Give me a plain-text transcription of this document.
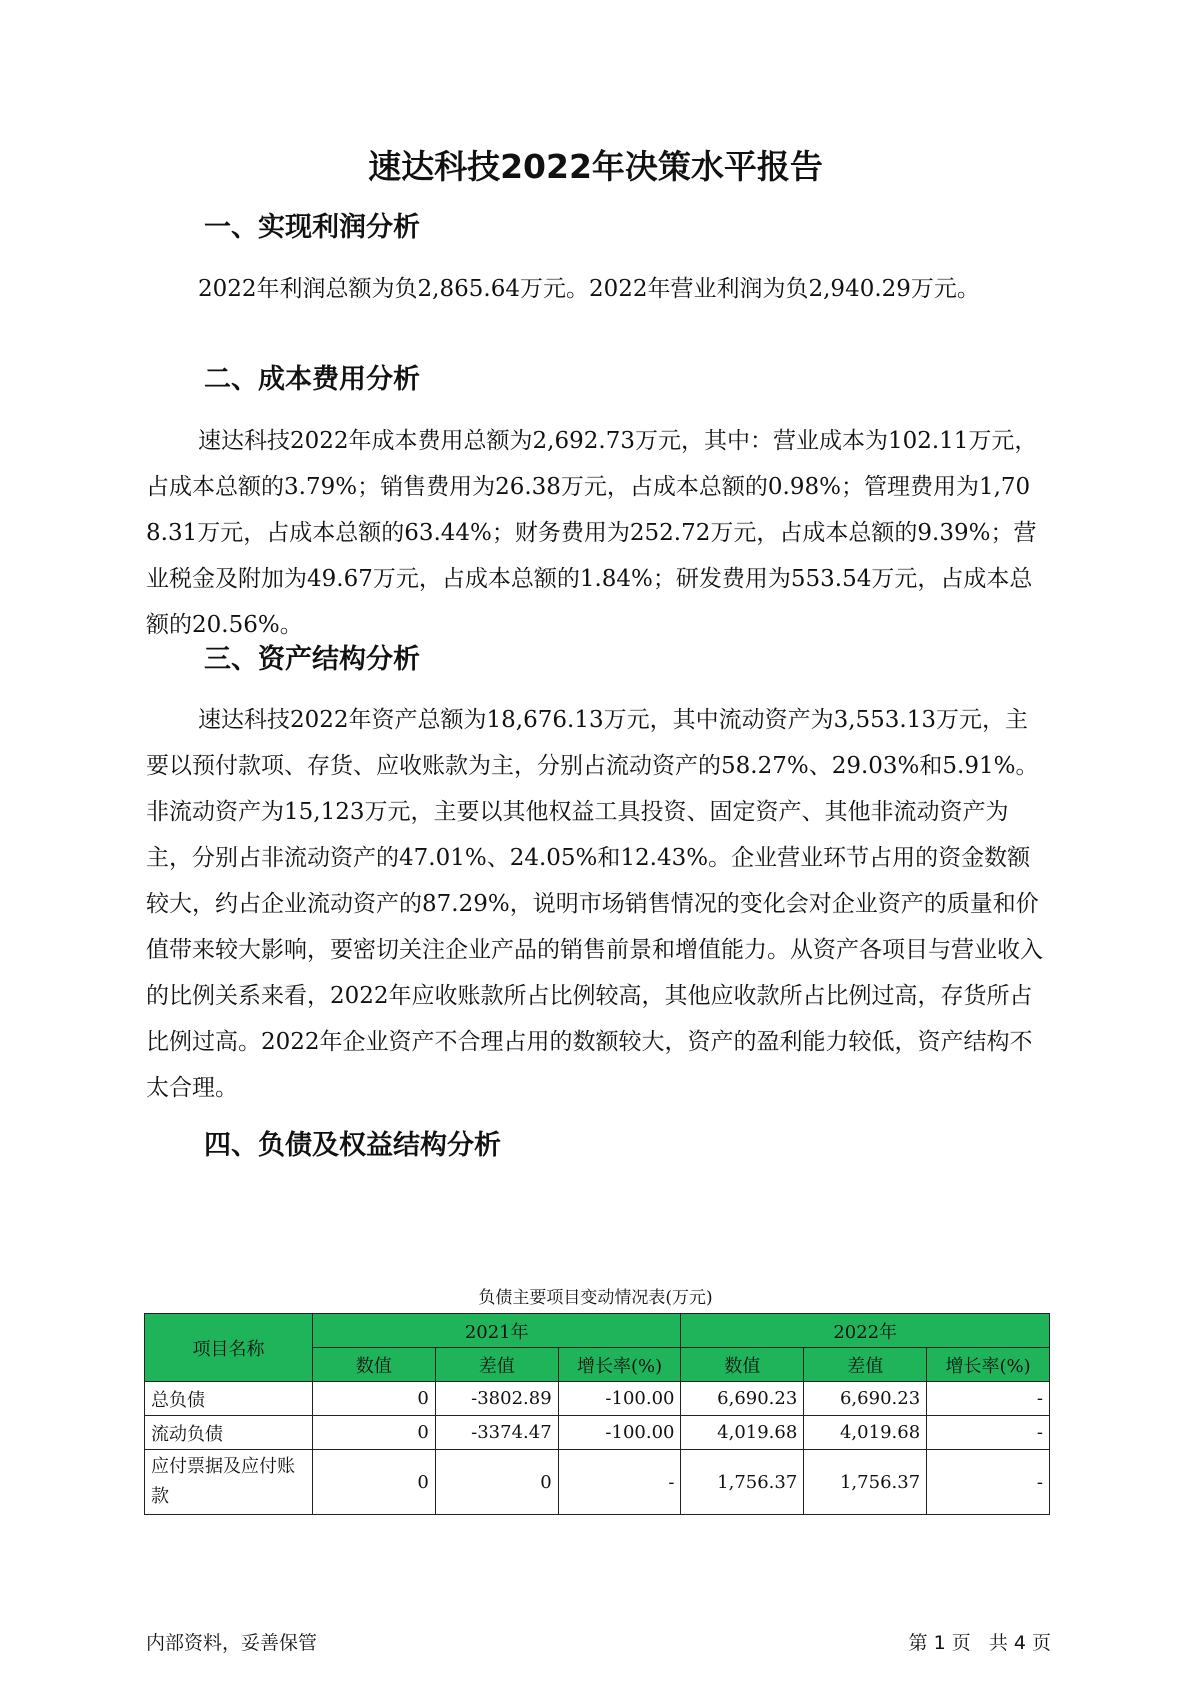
速达科技2022年决策水平报告
一、实现利润分析

2022年利润总额为负2,865.64万元。2022年营业利润为负2,940.29万元。

二、成本费用分析

速达科技2022年成本费用总额为2,692.73万元，其中：营业成本为102.11万元，占成本总额的3.79%；销售费用为26.38万元，占成本总额的0.98%；管理费用为1,708.31万元，占成本总额的63.44%；财务费用为252.72万元，占成本总额的9.39%；营业税金及附加为49.67万元，占成本总额的1.84%；研发费用为553.54万元，占成本总额的20.56%。

三、资产结构分析

速达科技2022年资产总额为18,676.13万元，其中流动资产为3,553.13万元，主要以预付款项、存货、应收账款为主，分别占流动资产的58.27%、29.03%和5.91%。非流动资产为15,123万元，主要以其他权益工具投资、固定资产、其他非流动资产为主，分别占非流动资产的47.01%、24.05%和12.43%。企业营业环节占用的资金数额较大，约占企业流动资产的87.29%，说明市场销售情况的变化会对企业资产的质量和价值带来较大影响，要密切关注企业产品的销售前景和增值能力。从资产各项目与营业收入的比例关系来看，2022年应收账款所占比例较高，其他应收款所占比例过高，存货所占比例过高。2022年企业资产不合理占用的数额较大，资产的盈利能力较低，资产结构不太合理。

四、负债及权益结构分析
负债主要项目变动情况表(万元)
项目名称	2021年			2022年		
	数值	差值	增长率(%)	数值	差值	增长率(%)
总负债	0	-3802.89	-100.00	6,690.23	6,690.23	-
流动负债	0	-3374.47	-100.00	4,019.68	4,019.68	-
应付票据及应付账款	0	0	-	1,756.37	1,756.37	-
内部资料，妥善保管	第 1 页   共 4 页
